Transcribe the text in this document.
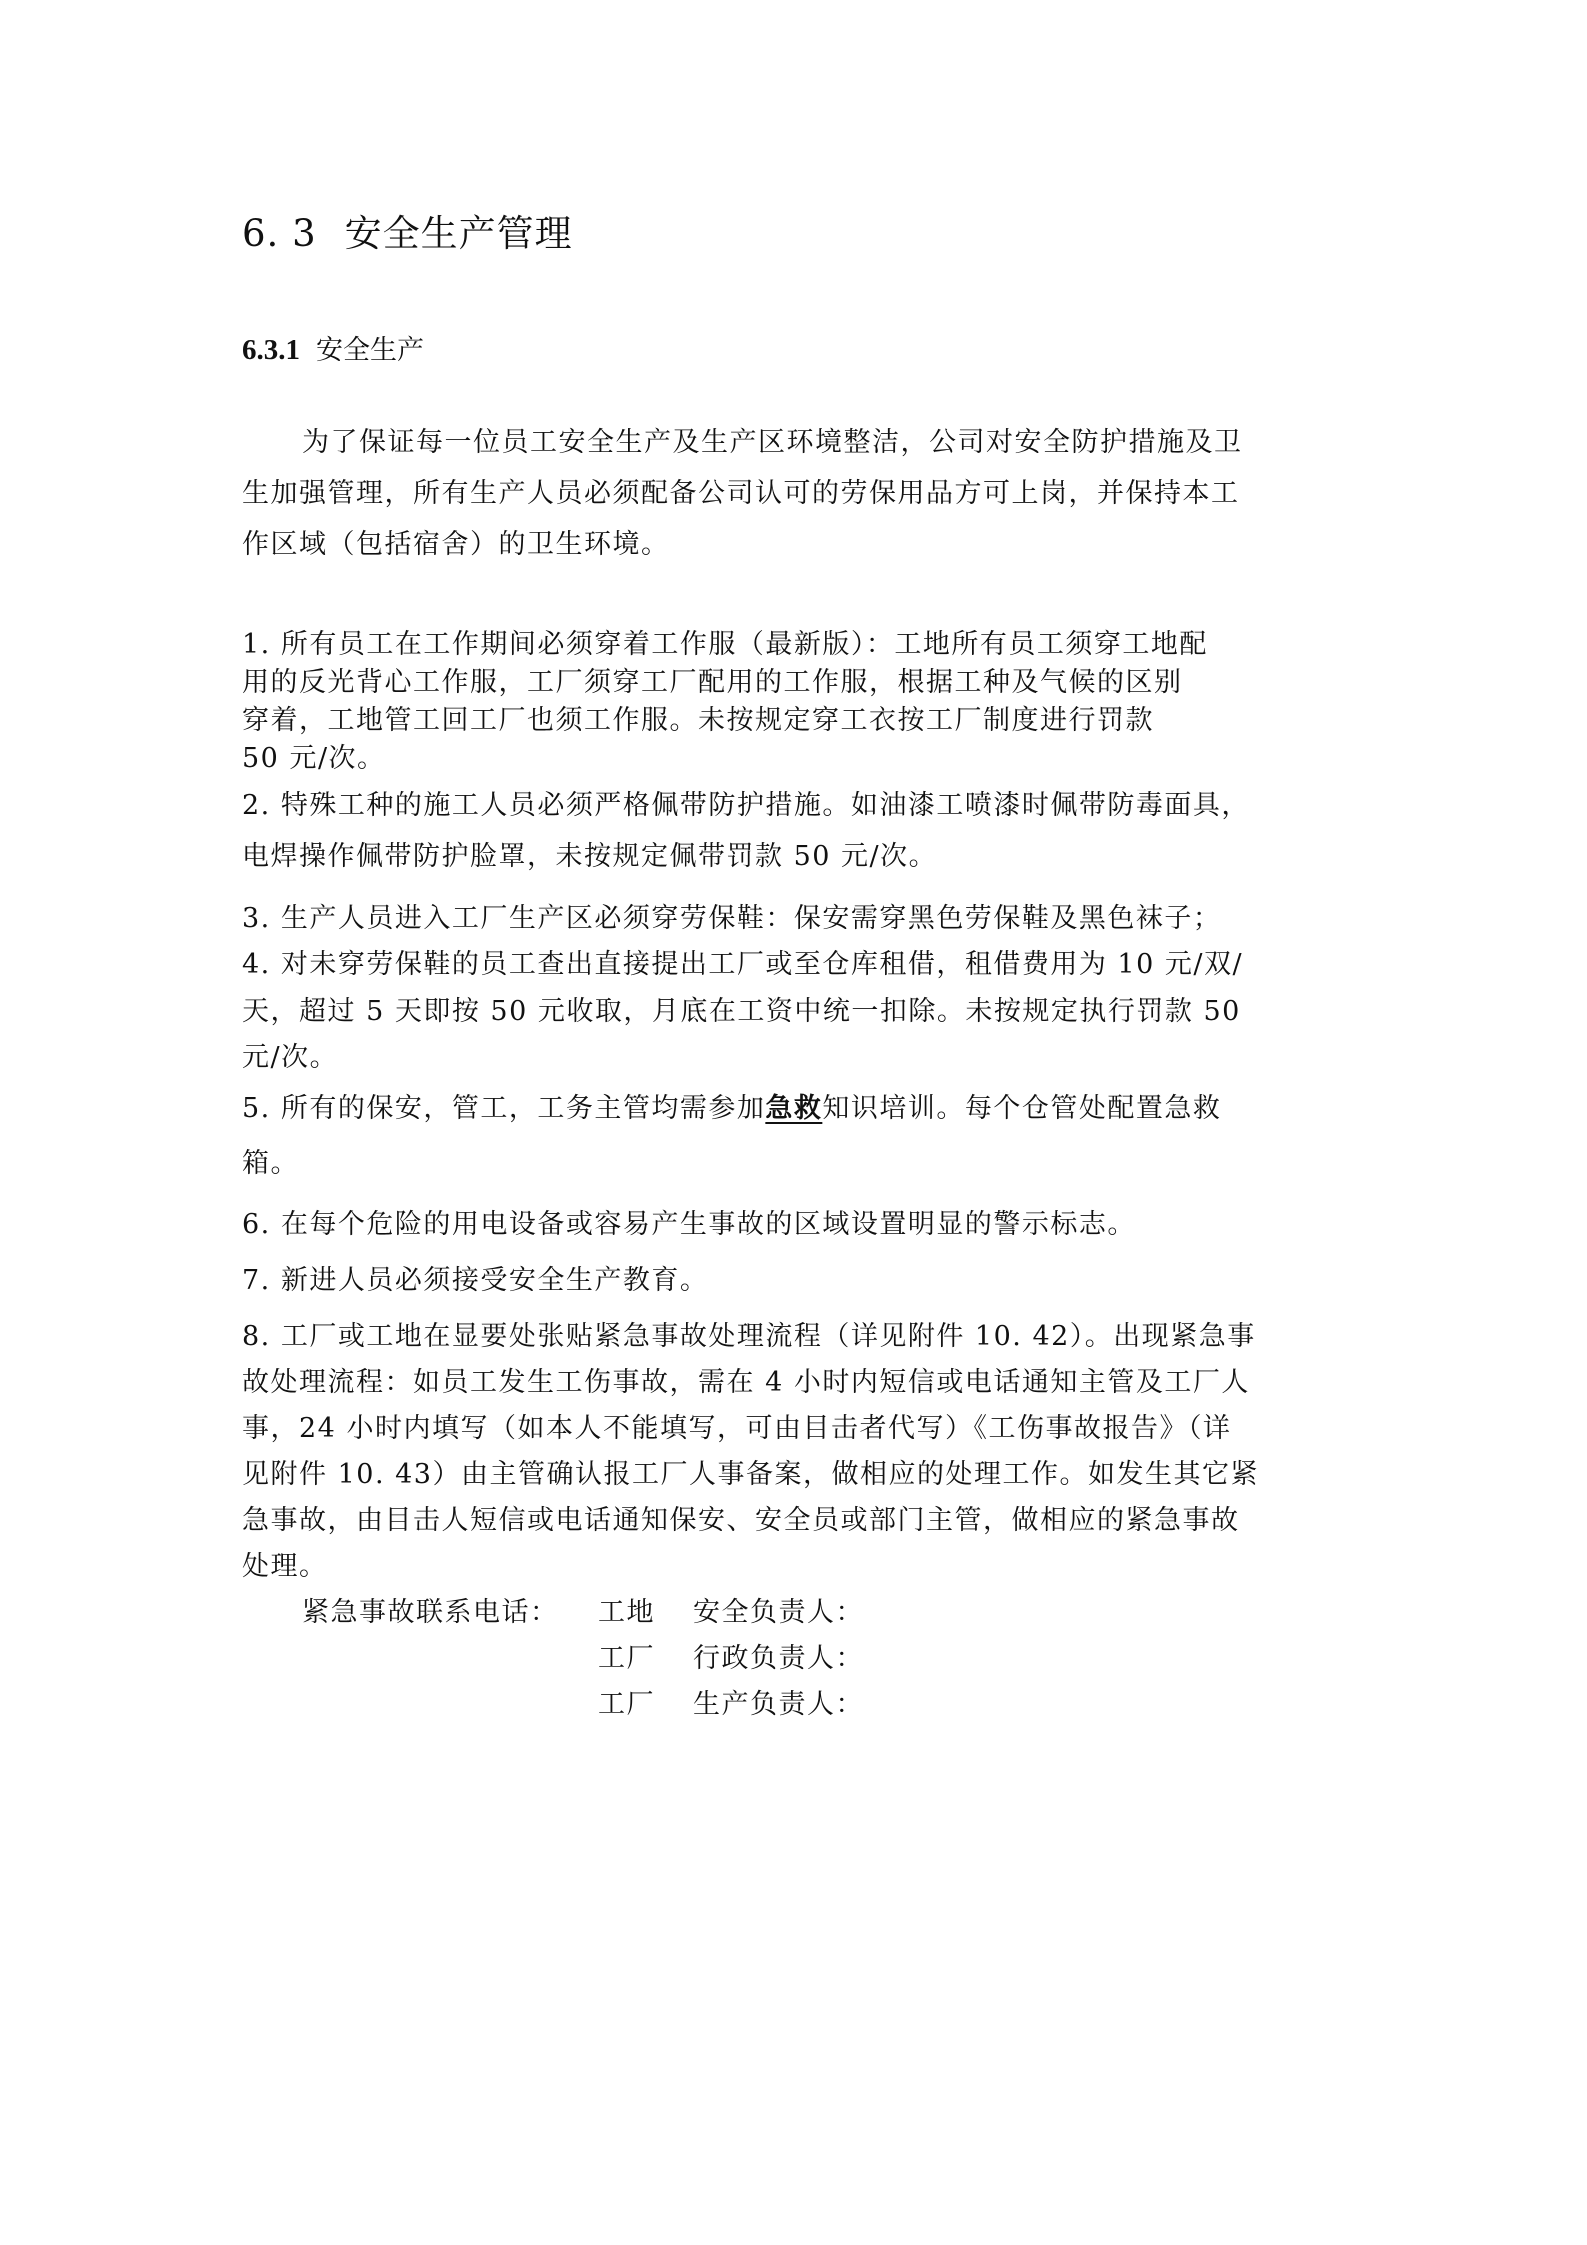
6. 3 安全生产管理
6.3.1 安全生产
为了保证每一位员工安全生产及生产区环境整洁，公司对安全防护措施及卫
生加强管理，所有生产人员必须配备公司认可的劳保用品方可上岗，并保持本工
作区域（包括宿舍）的卫生环境。
1. 所有员工在工作期间必须穿着工作服（最新版）：工地所有员工须穿工地配
用的反光背心工作服，工厂须穿工厂配用的工作服，根据工种及气候的区别
穿着，工地管工回工厂也须工作服。未按规定穿工衣按工厂制度进行罚款
50 元/次。
2. 特殊工种的施工人员必须严格佩带防护措施。如油漆工喷漆时佩带防毒面具，
电焊操作佩带防护脸罩，未按规定佩带罚款 50 元/次。
3. 生产人员进入工厂生产区必须穿劳保鞋：保安需穿黑色劳保鞋及黑色袜子；
4. 对未穿劳保鞋的员工查出直接提出工厂或至仓库租借，租借费用为 10 元/双/
天，超过 5 天即按 50 元收取，月底在工资中统一扣除。未按规定执行罚款 50
元/次。
5. 所有的保安，管工，工务主管均需参加急救知识培训。每个仓管处配置急救
箱。
6. 在每个危险的用电设备或容易产生事故的区域设置明显的警示标志。
7. 新进人员必须接受安全生产教育。
8. 工厂或工地在显要处张贴紧急事故处理流程（详见附件 10. 42）。出现紧急事
故处理流程：如员工发生工伤事故，需在 4 小时内短信或电话通知主管及工厂人
事，24 小时内填写（如本人不能填写，可由目击者代写）《工伤事故报告》（详
见附件 10. 43）由主管确认报工厂人事备案，做相应的处理工作。如发生其它紧
急事故，由目击人短信或电话通知保安、安全员或部门主管，做相应的紧急事故
处理。
紧急事故联系电话： 工地 安全负责人：
工厂 行政负责人：
工厂 生产负责人：
